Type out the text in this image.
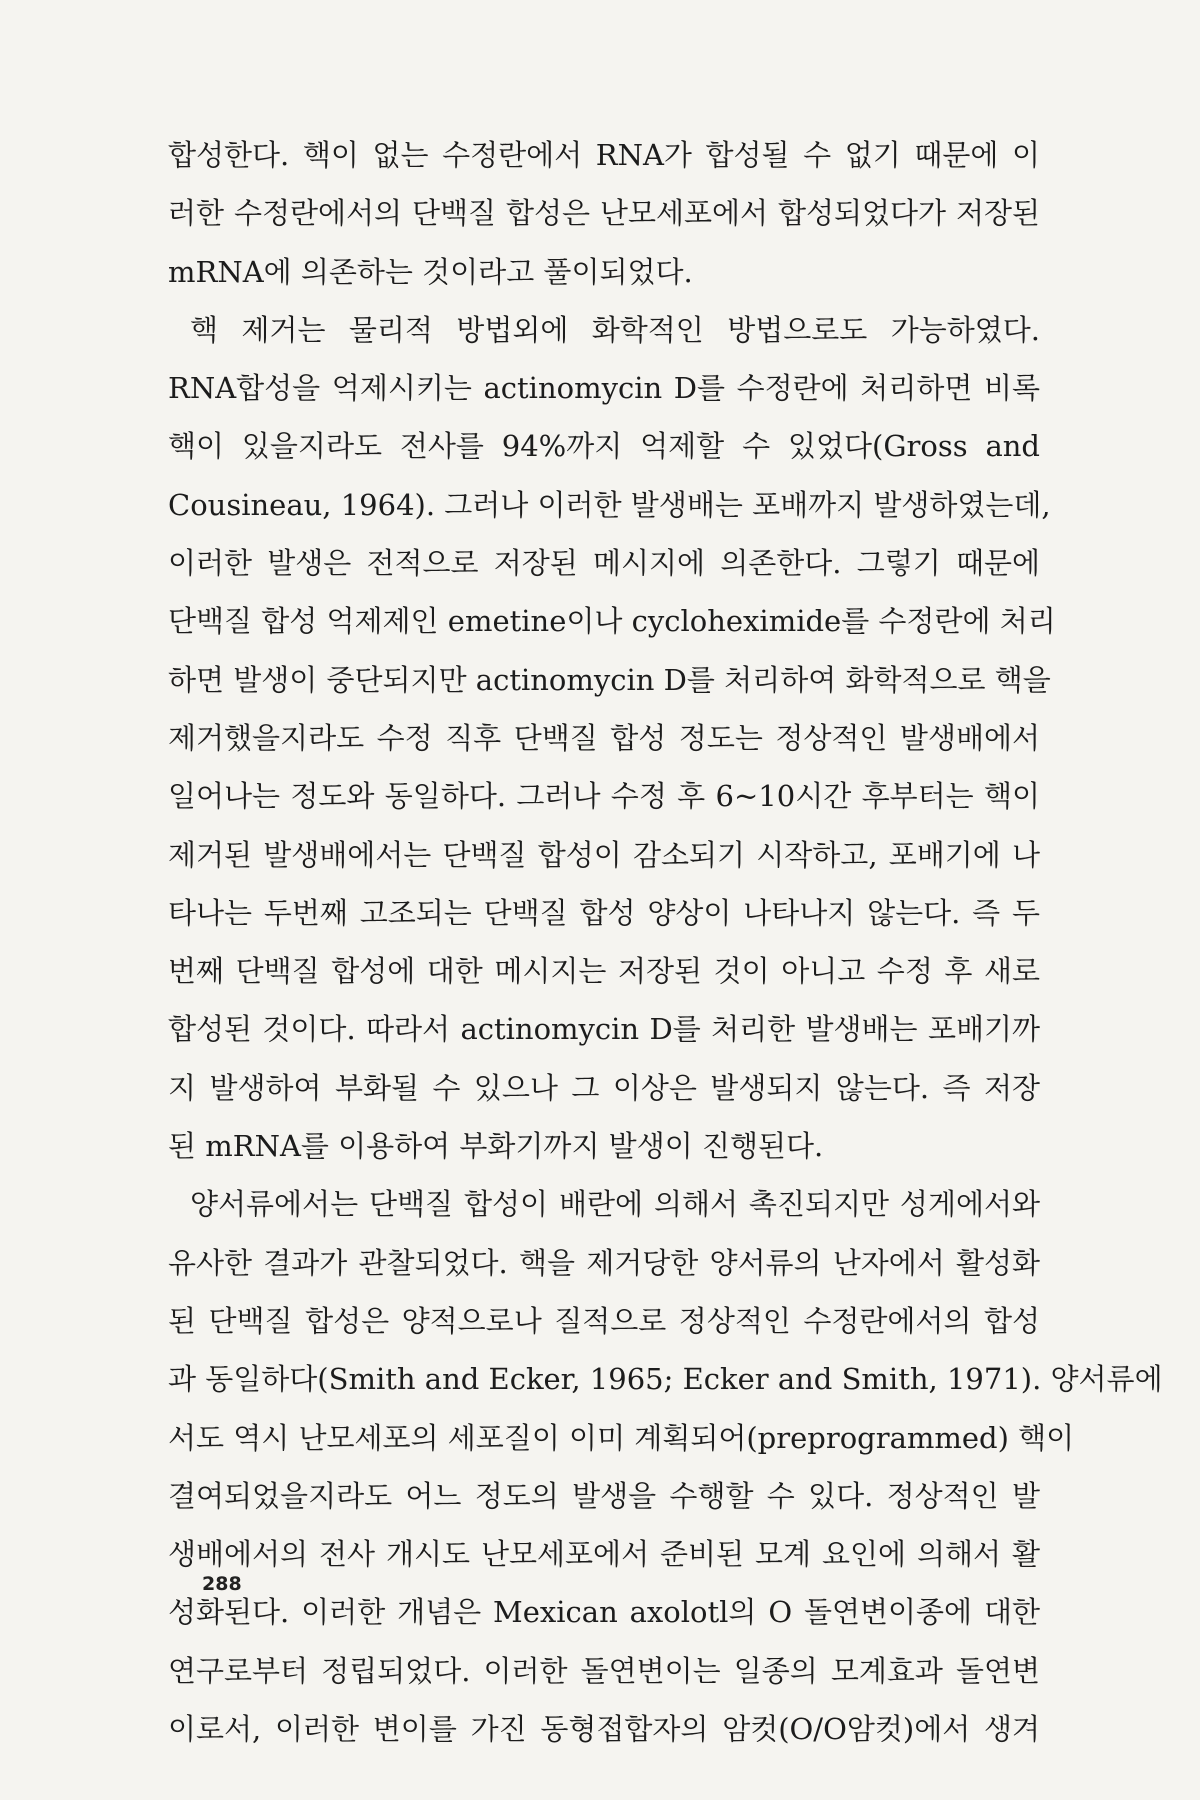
합성한다. 핵이 없는 수정란에서 RNA가 합성될 수 없기 때문에 이
러한 수정란에서의 단백질 합성은 난모세포에서 합성되었다가 저장된
mRNA에 의존하는 것이라고 풀이되었다.
핵 제거는 물리적 방법외에 화학적인 방법으로도 가능하였다.
RNA합성을 억제시키는 actinomycin D를 수정란에 처리하면 비록
핵이 있을지라도 전사를 94%까지 억제할 수 있었다(Gross and
Cousineau, 1964). 그러나 이러한 발생배는 포배까지 발생하였는데,
이러한 발생은 전적으로 저장된 메시지에 의존한다. 그렇기 때문에
단백질 합성 억제제인 emetine이나 cycloheximide를 수정란에 처리
하면 발생이 중단되지만 actinomycin D를 처리하여 화학적으로 핵을
제거했을지라도 수정 직후 단백질 합성 정도는 정상적인 발생배에서
일어나는 정도와 동일하다. 그러나 수정 후 6~10시간 후부터는 핵이
제거된 발생배에서는 단백질 합성이 감소되기 시작하고, 포배기에 나
타나는 두번째 고조되는 단백질 합성 양상이 나타나지 않는다. 즉 두
번째 단백질 합성에 대한 메시지는 저장된 것이 아니고 수정 후 새로
합성된 것이다. 따라서 actinomycin D를 처리한 발생배는 포배기까
지 발생하여 부화될 수 있으나 그 이상은 발생되지 않는다. 즉 저장
된 mRNA를 이용하여 부화기까지 발생이 진행된다.
양서류에서는 단백질 합성이 배란에 의해서 촉진되지만 성게에서와
유사한 결과가 관찰되었다. 핵을 제거당한 양서류의 난자에서 활성화
된 단백질 합성은 양적으로나 질적으로 정상적인 수정란에서의 합성
과 동일하다(Smith and Ecker, 1965; Ecker and Smith, 1971). 양서류에
서도 역시 난모세포의 세포질이 이미 계획되어(preprogrammed) 핵이
결여되었을지라도 어느 정도의 발생을 수행할 수 있다. 정상적인 발
생배에서의 전사 개시도 난모세포에서 준비된 모계 요인에 의해서 활
성화된다. 이러한 개념은 Mexican axolotl의 O 돌연변이종에 대한
연구로부터 정립되었다. 이러한 돌연변이는 일종의 모계효과 돌연변
이로서, 이러한 변이를 가진 동형접합자의 암컷(O/O암컷)에서 생겨
288
